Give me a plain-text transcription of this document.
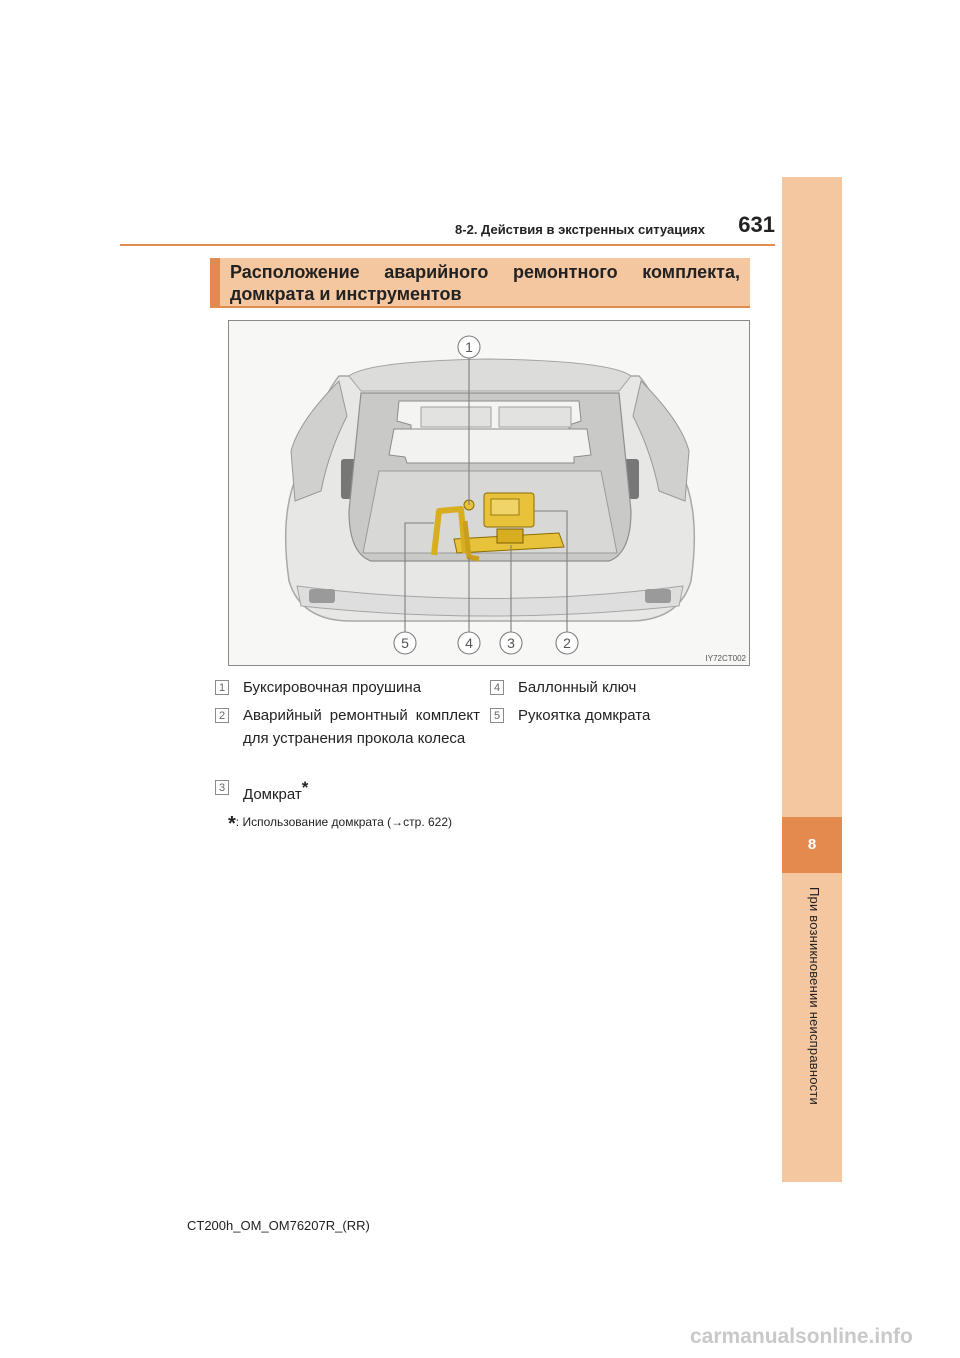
8-2. Действия в экстренных ситуациях 631
8
При возникновении неисправности
Расположение аварийного ремонтного комплекта, домкрата и инструментов
1
5	4 3	2
IY72CT002
1 Буксировочная проушина
2 Аварийный ремонтный комплект для устранения прокола колеса
3 Домкрат*
4 Баллонный ключ
5 Рукоятка домкрата
*: Использование домкрата (→стр. 622)
CT200h_OM_OM76207R_(RR)
carmanualsonline.info
